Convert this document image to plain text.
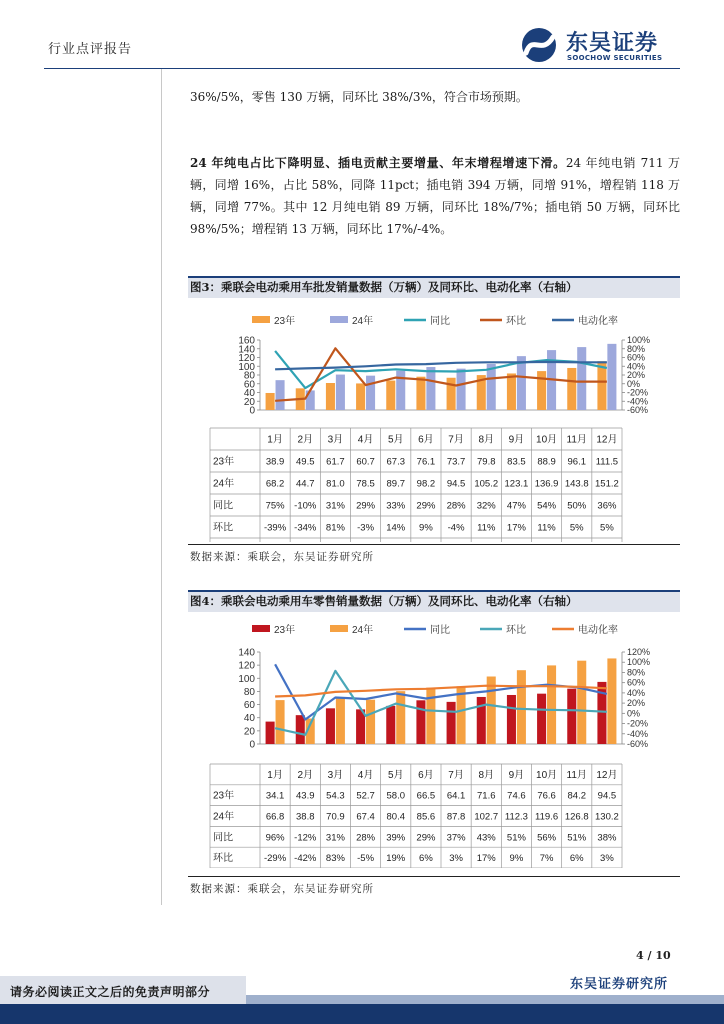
行业点评报告	东吴证券
SOOCHOW SECURITIES
36%/5%，零售 130 万辆，同环比 38%/3%，符合市场预期。
24 年纯电占比下降明显、插电贡献主要增量、年末增程增速下滑。24 年纯电销 711 万辆，同增 16%，占比 58%，同降 11pct；插电销 394 万辆，同增 91%，增程销 118 万辆，同增 77%。其中 12 月纯电销 89 万辆，同环比 18%/7%；插电销 50 万辆，同环比 98%/5%；增程销 13 万辆，同环比 17%/-4%。
图3：乘联会电动乘用车批发销量数据（万辆）及同环比、电动化率（右轴）
23年	24年	同比	环比	电动化率
0
20
40
60
80
100
120
140
160	100%
80%
60%
40%
20%
0%
-20%
-40%
-60%
1月 2月 3月 4月 5月 6月 7月 8月 9月 10月 11月 12月
23年	38.9 49.5 61.7 60.7 67.3 76.1 73.7 79.8 83.5 88.9 96.1 111.5
24年	68.2 44.7 81.0 78.5 89.7 98.2 94.5 105.2 123.1 136.9 143.8 151.2
同比	75% -10% 31% 29% 33% 29% 28% 32% 47% 54% 50% 36%
环比	-39% -34% 81% -3% 14% 9% -4% 11% 17% 11% 5% 5%
数据来源：乘联会，东吴证券研究所
图4：乘联会电动乘用车零售销量数据（万辆）及同环比、电动化率（右轴）
23年	24年	同比	环比	电动化率
0
20
40
60
80
100
120
140	120%
100%
80%
60%
40%
20%
0%
-20%
-40%
-60%
1月 2月 3月 4月 5月 6月 7月 8月 9月 10月 11月 12月
23年	34.1 43.9 54.3 52.7 58.0 66.5 64.1 71.6 74.6 76.6 84.2 94.5
24年	66.8 38.8 70.9 67.4 80.4 85.6 87.8 102.7 112.3 119.6 126.8 130.2
同比	96% -12% 31% 28% 39% 29% 37% 43% 51% 56% 51% 38%
环比	-29% -42% 83% -5% 19% 6% 3% 17% 9% 7% 6% 3%
数据来源：乘联会，东吴证券研究所
4 / 10
东吴证券研究所
请务必阅读正文之后的免责声明部分
